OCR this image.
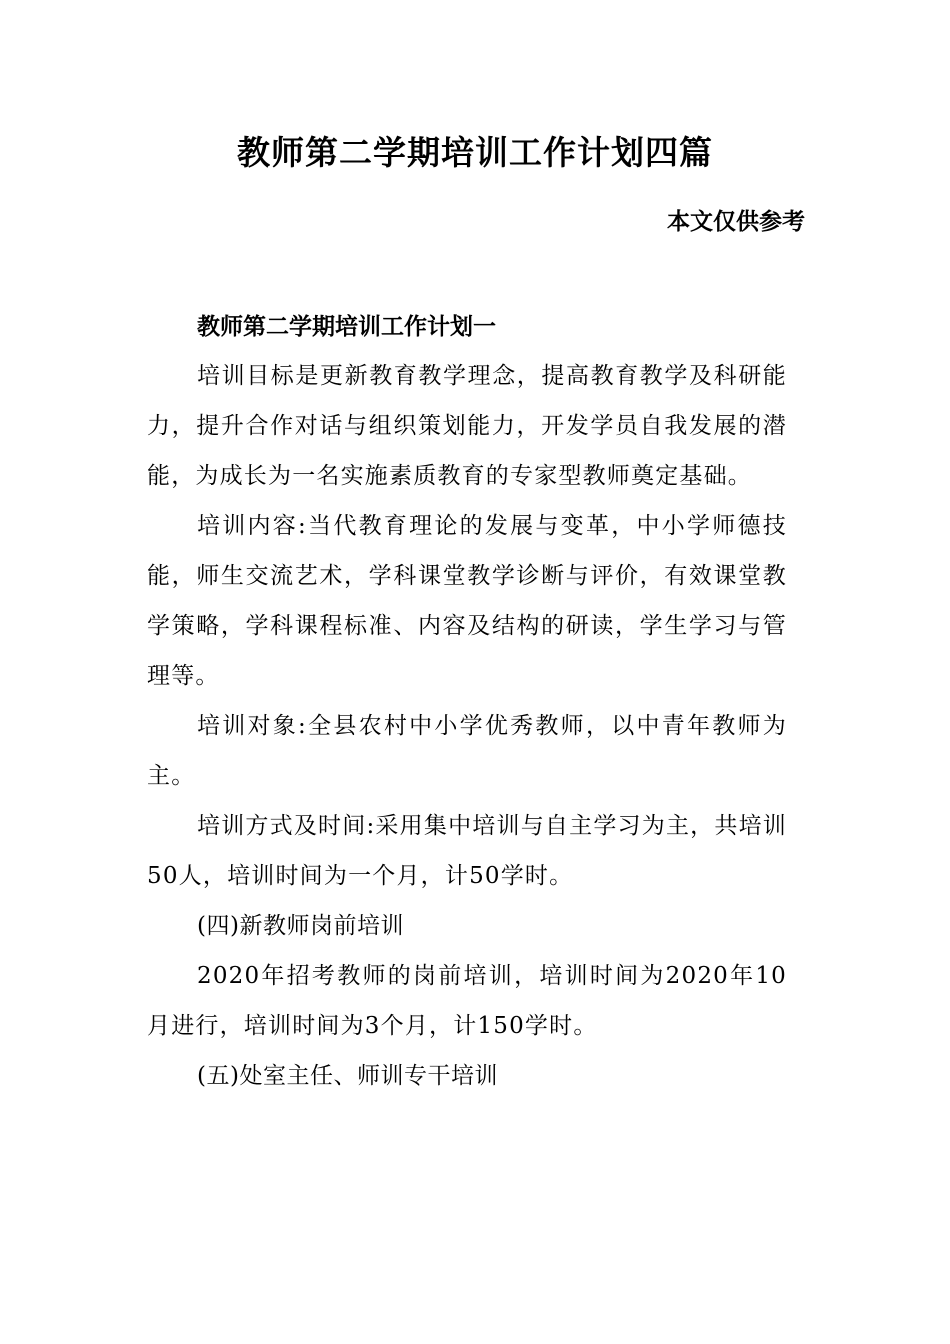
教师第二学期培训工作计划四篇

本文仅供参考

教师第二学期培训工作计划一

培训目标是更新教育教学理念，提高教育教学及科研能力，提升合作对话与组织策划能力，开发学员自我发展的潜能，为成长为一名实施素质教育的专家型教师奠定基础。

培训内容:当代教育理论的发展与变革，中小学师德技能，师生交流艺术，学科课堂教学诊断与评价，有效课堂教学策略，学科课程标准、内容及结构的研读，学生学习与管理等。

培训对象:全县农村中小学优秀教师，以中青年教师为主。

培训方式及时间:采用集中培训与自主学习为主，共培训50人，培训时间为一个月，计50学时。

(四)新教师岗前培训

2020年招考教师的岗前培训，培训时间为2020年10月进行，培训时间为3个月，计150学时。

(五)处室主任、师训专干培训
